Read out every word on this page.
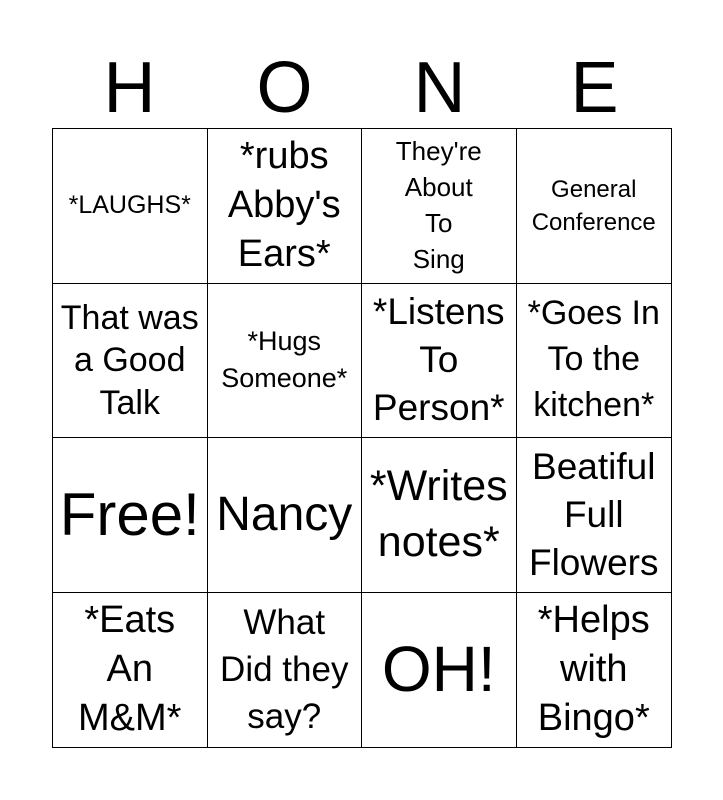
H	O	N	E
*LAUGHS*
*rubs
Abby's
Ears*
They're
About
To
Sing
General
Conference
That was
a Good
Talk
*Hugs
Someone*
*Listens
To
Person*
*Goes In
To the
kitchen*
Free! Nancy
*Writes
notes*
Beatiful
Full
Flowers
*Eats
An
M&M*
What
Did they
say?
OH!
*Helps
with
Bingo*
